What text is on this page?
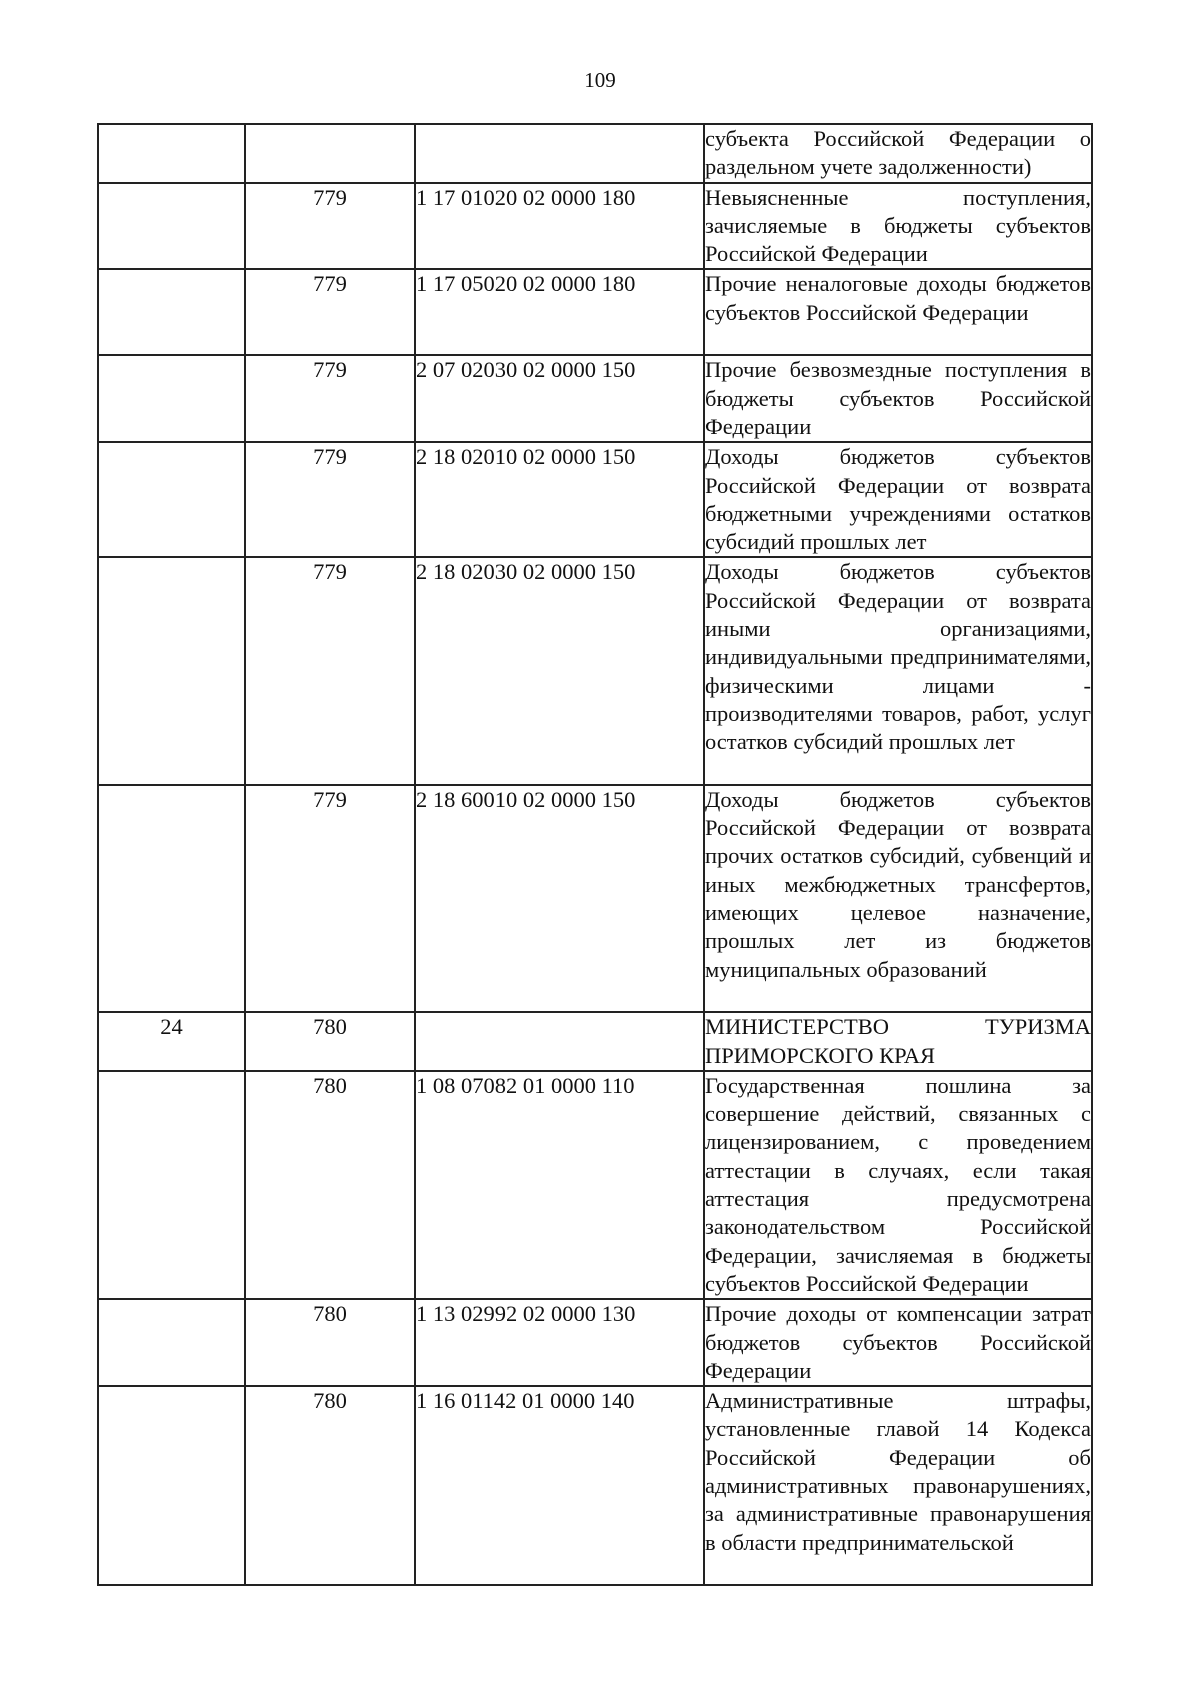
109
			субъекта Российской Федерации о раздельном учете задолженности)
	779	1 17 01020 02 0000 180	Невыясненные поступления, зачисляемые в бюджеты субъектов Российской Федерации
	779	1 17 05020 02 0000 180	Прочие неналоговые доходы бюджетов субъектов Российской Федерации
	779	2 07 02030 02 0000 150	Прочие безвозмездные поступления в бюджеты субъектов Российской Федерации
	779	2 18 02010 02 0000 150	Доходы бюджетов субъектов Российской Федерации от возврата бюджетными учреждениями остатков субсидий прошлых лет
	779	2 18 02030 02 0000 150	Доходы бюджетов субъектов Российской Федерации от возврата иными организациями, индивидуальными предпринимателями, физическими лицами - производителями товаров, работ, услуг остатков субсидий прошлых лет
	779	2 18 60010 02 0000 150	Доходы бюджетов субъектов Российской Федерации от возврата прочих остатков субсидий, субвенций и иных межбюджетных трансфертов, имеющих целевое назначение, прошлых лет из бюджетов муниципальных образований
24	780		МИНИСТЕРСТВО ТУРИЗМА ПРИМОРСКОГО КРАЯ
	780	1 08 07082 01 0000 110	Государственная пошлина за совершение действий, связанных с лицензированием, с проведением аттестации в случаях, если такая аттестация предусмотрена законодательством Российской Федерации, зачисляемая в бюджеты субъектов Российской Федерации
	780	1 13 02992 02 0000 130	Прочие доходы от компенсации затрат бюджетов субъектов Российской Федерации
	780	1 16 01142 01 0000 140	Административные штрафы, установленные главой 14 Кодекса Российской Федерации об административных правонарушениях, за административные правонарушения в области предпринимательской
